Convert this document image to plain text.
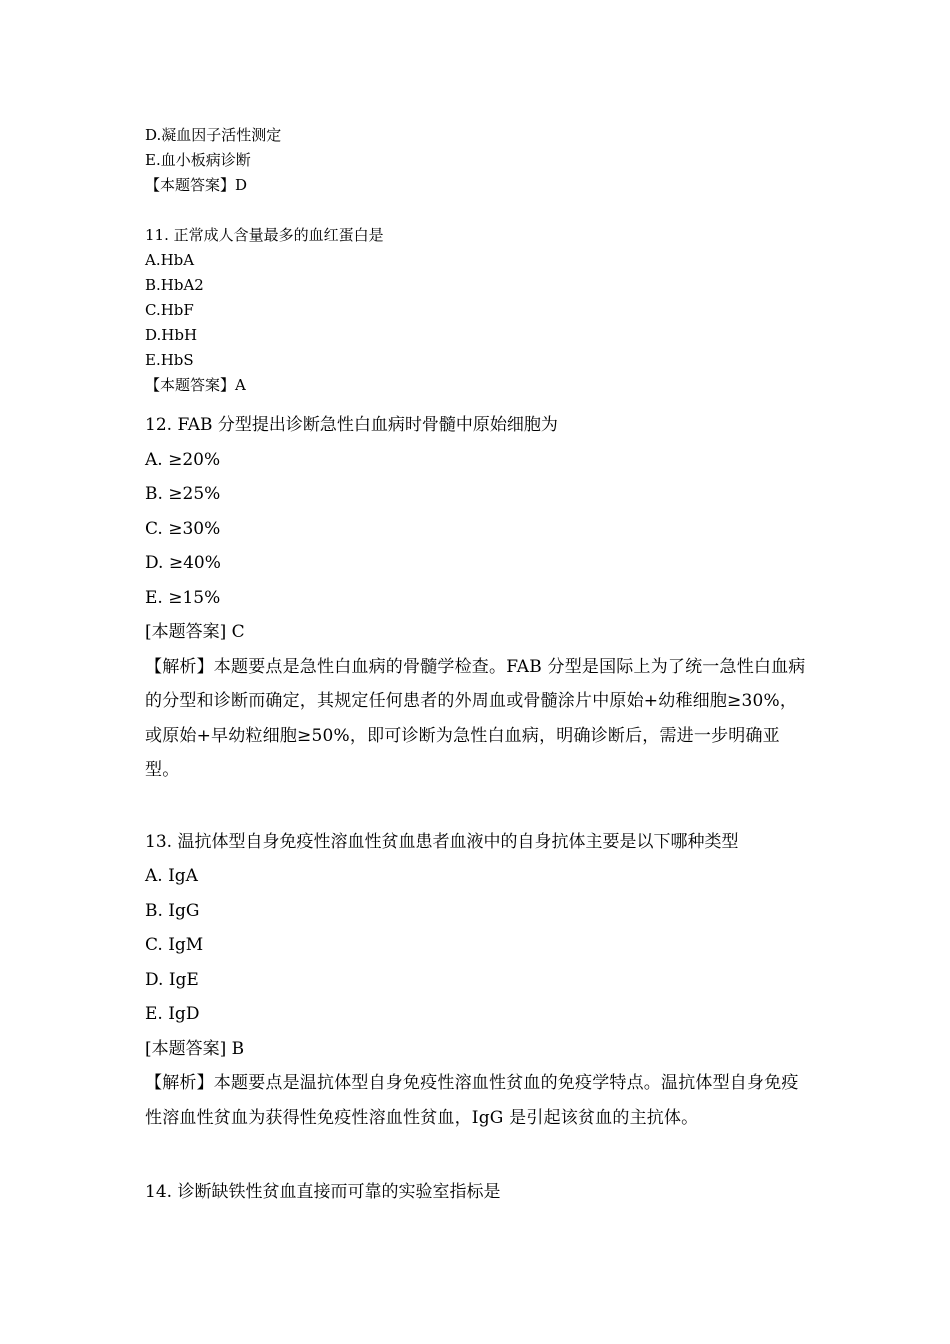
D.凝血因子活性测定
E.血小板病诊断
【本题答案】D
11. 正常成人含量最多的血红蛋白是
A.HbA
B.HbA2
C.HbF
D.HbH
E.HbS
【本题答案】A
12. FAB 分型提出诊断急性白血病时骨髓中原始细胞为
A. ≥20%
B. ≥25%
C. ≥30%
D. ≥40%
E. ≥15%
[本题答案] C
【解析】本题要点是急性白血病的骨髓学检查。FAB 分型是国际上为了统一急性白血病的分型和诊断而确定，其规定任何患者的外周血或骨髓涂片中原始+幼稚细胞≥30%，或原始+早幼粒细胞≥50%，即可诊断为急性白血病，明确诊断后，需进一步明确亚型。
13. 温抗体型自身免疫性溶血性贫血患者血液中的自身抗体主要是以下哪种类型
A. IgA
B. IgG
C. IgM
D. IgE
E. IgD
[本题答案] B
【解析】本题要点是温抗体型自身免疫性溶血性贫血的免疫学特点。温抗体型自身免疫性溶血性贫血为获得性免疫性溶血性贫血，IgG 是引起该贫血的主抗体。
14. 诊断缺铁性贫血直接而可靠的实验室指标是
